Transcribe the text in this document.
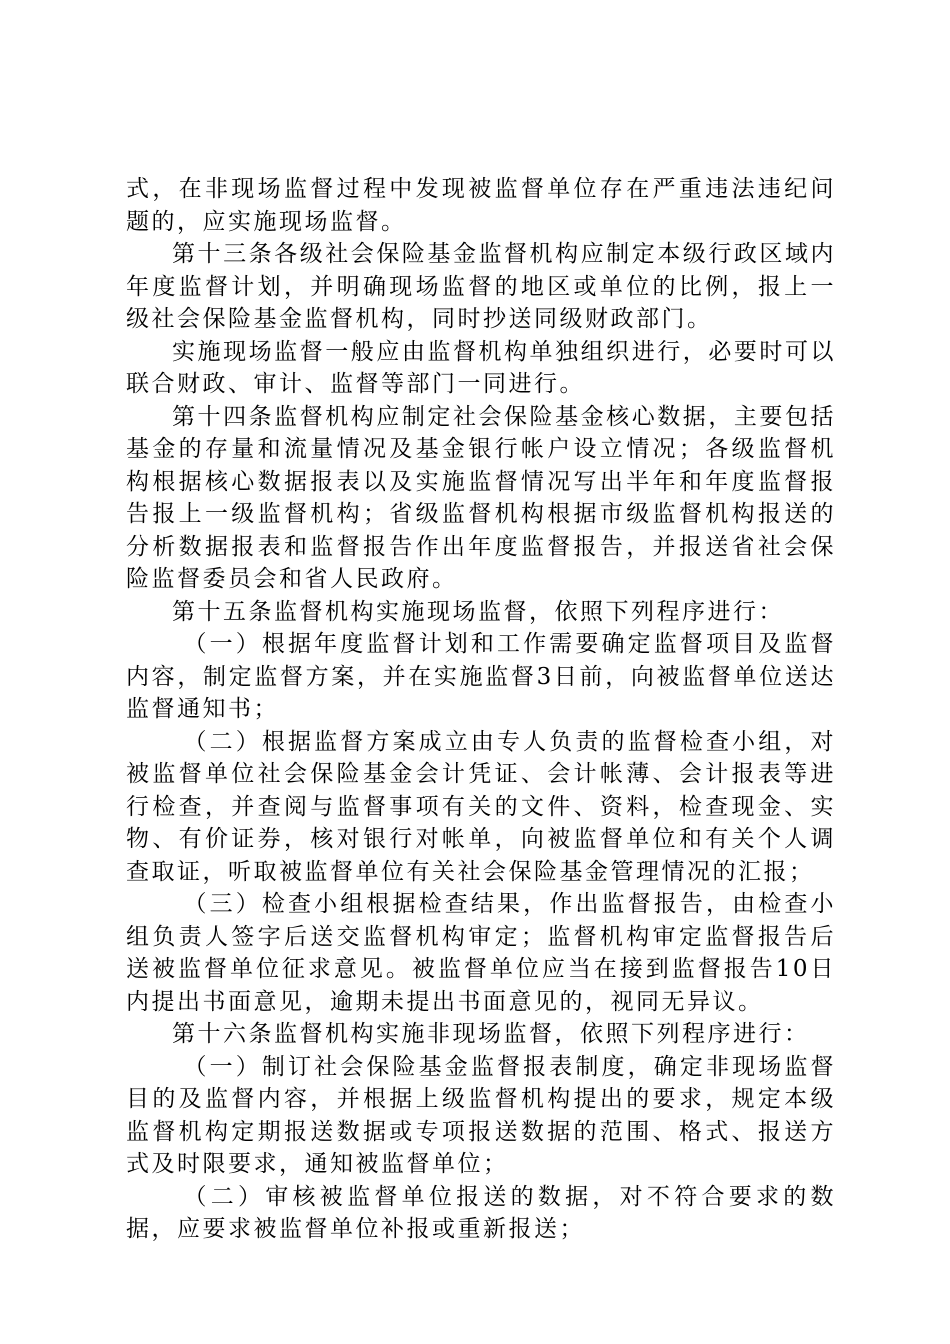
式，在非现场监督过程中发现被监督单位存在严重违法违纪问题的，应实施现场监督。

第十三条各级社会保险基金监督机构应制定本级行政区域内年度监督计划，并明确现场监督的地区或单位的比例，报上一级社会保险基金监督机构，同时抄送同级财政部门。

实施现场监督一般应由监督机构单独组织进行，必要时可以联合财政、审计、监督等部门一同进行。

第十四条监督机构应制定社会保险基金核心数据，主要包括基金的存量和流量情况及基金银行帐户设立情况；各级监督机构根据核心数据报表以及实施监督情况写出半年和年度监督报告报上一级监督机构；省级监督机构根据市级监督机构报送的分析数据报表和监督报告作出年度监督报告，并报送省社会保险监督委员会和省人民政府。

第十五条监督机构实施现场监督，依照下列程序进行：

（一）根据年度监督计划和工作需要确定监督项目及监督内容，制定监督方案，并在实施监督3日前，向被监督单位送达监督通知书；

（二）根据监督方案成立由专人负责的监督检查小组，对被监督单位社会保险基金会计凭证、会计帐薄、会计报表等进行检查，并查阅与监督事项有关的文件、资料，检查现金、实物、有价证券，核对银行对帐单，向被监督单位和有关个人调查取证，听取被监督单位有关社会保险基金管理情况的汇报；

（三）检查小组根据检查结果，作出监督报告，由检查小组负责人签字后送交监督机构审定；监督机构审定监督报告后送被监督单位征求意见。被监督单位应当在接到监督报告10日内提出书面意见，逾期未提出书面意见的，视同无异议。

第十六条监督机构实施非现场监督，依照下列程序进行：

（一）制订社会保险基金监督报表制度，确定非现场监督目的及监督内容，并根据上级监督机构提出的要求，规定本级监督机构定期报送数据或专项报送数据的范围、格式、报送方式及时限要求，通知被监督单位；

（二）审核被监督单位报送的数据，对不符合要求的数据，应要求被监督单位补报或重新报送；
